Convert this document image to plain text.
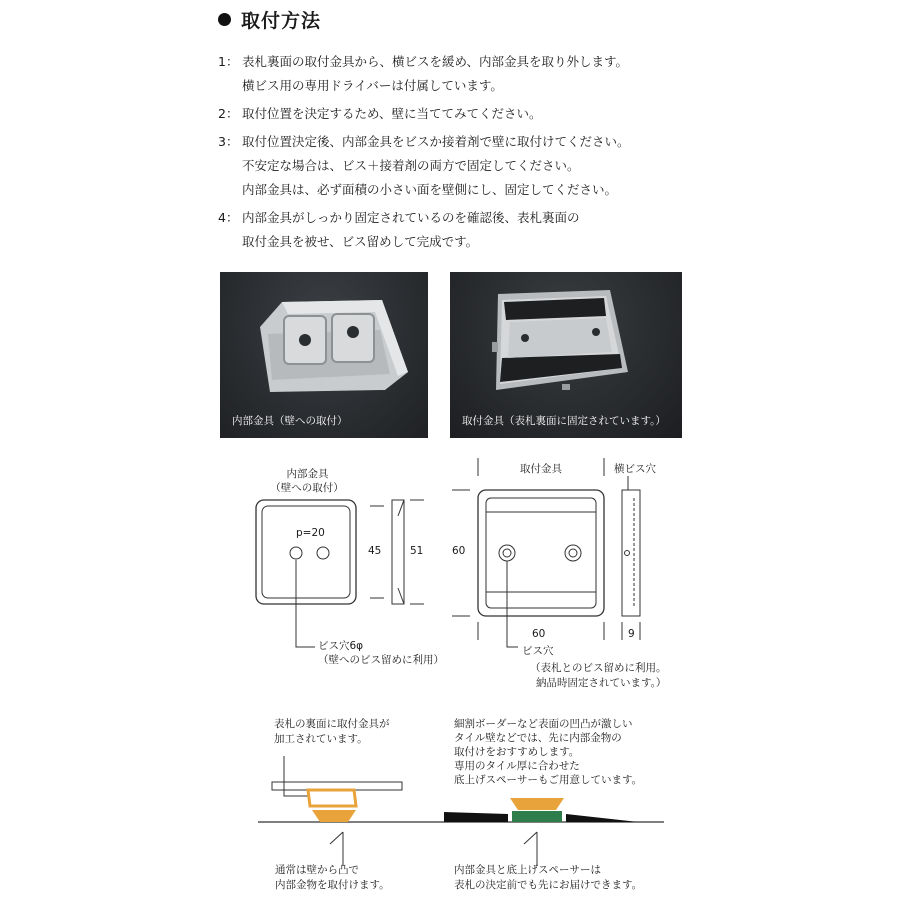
取付方法
1： 表札裏面の取付金具から、横ビスを緩め、内部金具を取り外します。
横ビス用の専用ドライバーは付属しています。
2： 取付位置を決定するため、壁に当ててみてください。
3： 取付位置決定後、内部金具をビスか接着剤で壁に取付けてください。
不安定な場合は、ビス＋接着剤の両方で固定してください。
内部金具は、必ず面積の小さい面を壁側にし、固定してください。
4： 内部金具がしっかり固定されているのを確認後、表札裏面の
取付金具を被せ、ビス留めして完成です。
内部金具（壁への取付）	取付金具（表札裏面に固定されています。）
内部金具
（壁への取付）
p=20
45	51
ビス穴6φ
（壁へのビス留めに利用）
取付金具	横ビス穴
60
60	9
ビス穴
（表札とのビス留めに利用。
納品時固定されています。）
表札の裏面に取付金具が
加工されています。
通常は壁から凸で
内部金物を取付けます。
細割ボーダーなど表面の凹凸が激しい
タイル壁などでは、先に内部金物の
取付けをおすすめします。
専用のタイル厚に合わせた
底上げスペーサーもご用意しています。
内部金具と底上げスペーサーは
表札の決定前でも先にお届けできます。
